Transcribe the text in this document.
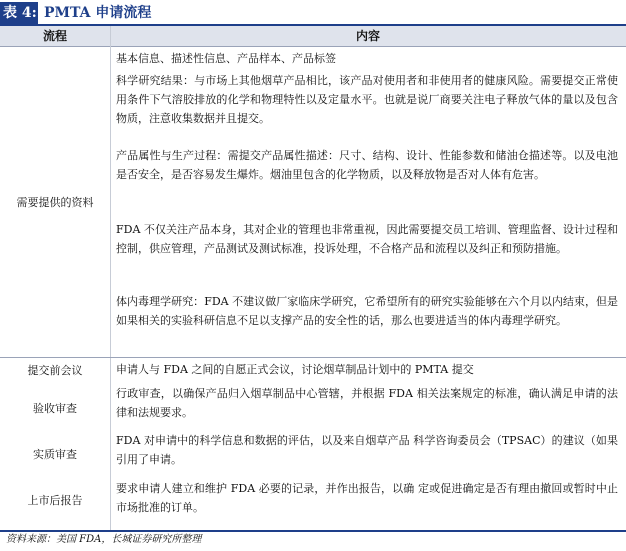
表 4: PMTA 申请流程
流程	内容
需要提供的资料
基本信息、描述性信息、产品样本、产品标签
科学研究结果：与市场上其他烟草产品相比，该产品对使用者和非使用者的健康风险。需要提交正常使用条件下气溶胶排放的化学和物理特性以及定量水平。也就是说厂商要关注电子释放气体的量以及包含物质，注意收集数据并且提交。
产品属性与生产过程：需提交产品属性描述：尺寸、结构、设计、性能参数和储油仓描述等。以及电池是否安全，是否容易发生爆炸。烟油里包含的化学物质，以及释放物是否对人体有危害。
FDA 不仅关注产品本身，其对企业的管理也非常重视，因此需要提交员工培训、管理监督、设计过程和控制，供应管理，产品测试及测试标准，投诉处理，不合格产品和流程以及纠正和预防措施。
体内毒理学研究：FDA 不建议做厂家临床学研究，它希望所有的研究实验能够在六个月以内结束，但是如果相关的实验科研信息不足以支撑产品的安全性的话，那么也要进适当的体内毒理学研究。
提交前会议	申请人与 FDA 之间的自愿正式会议，讨论烟草制品计划中的 PMTA 提交
验收审查
行政审查，以确保产品归入烟草制品中心管辖，并根据 FDA 相关法案规定的标准，确认满足申请的法律和法规要求。
实质审查
FDA 对申请中的科学信息和数据的评估，以及来自烟草产品 科学咨询委员会（TPSAC）的建议（如果引用了申请。
上市后报告
要求申请人建立和维护 FDA 必要的记录，并作出报告，以确 定或促进确定是否有理由撤回或暂时中止市场批准的订单。
资料来源：美国 FDA，长城证券研究所整理
